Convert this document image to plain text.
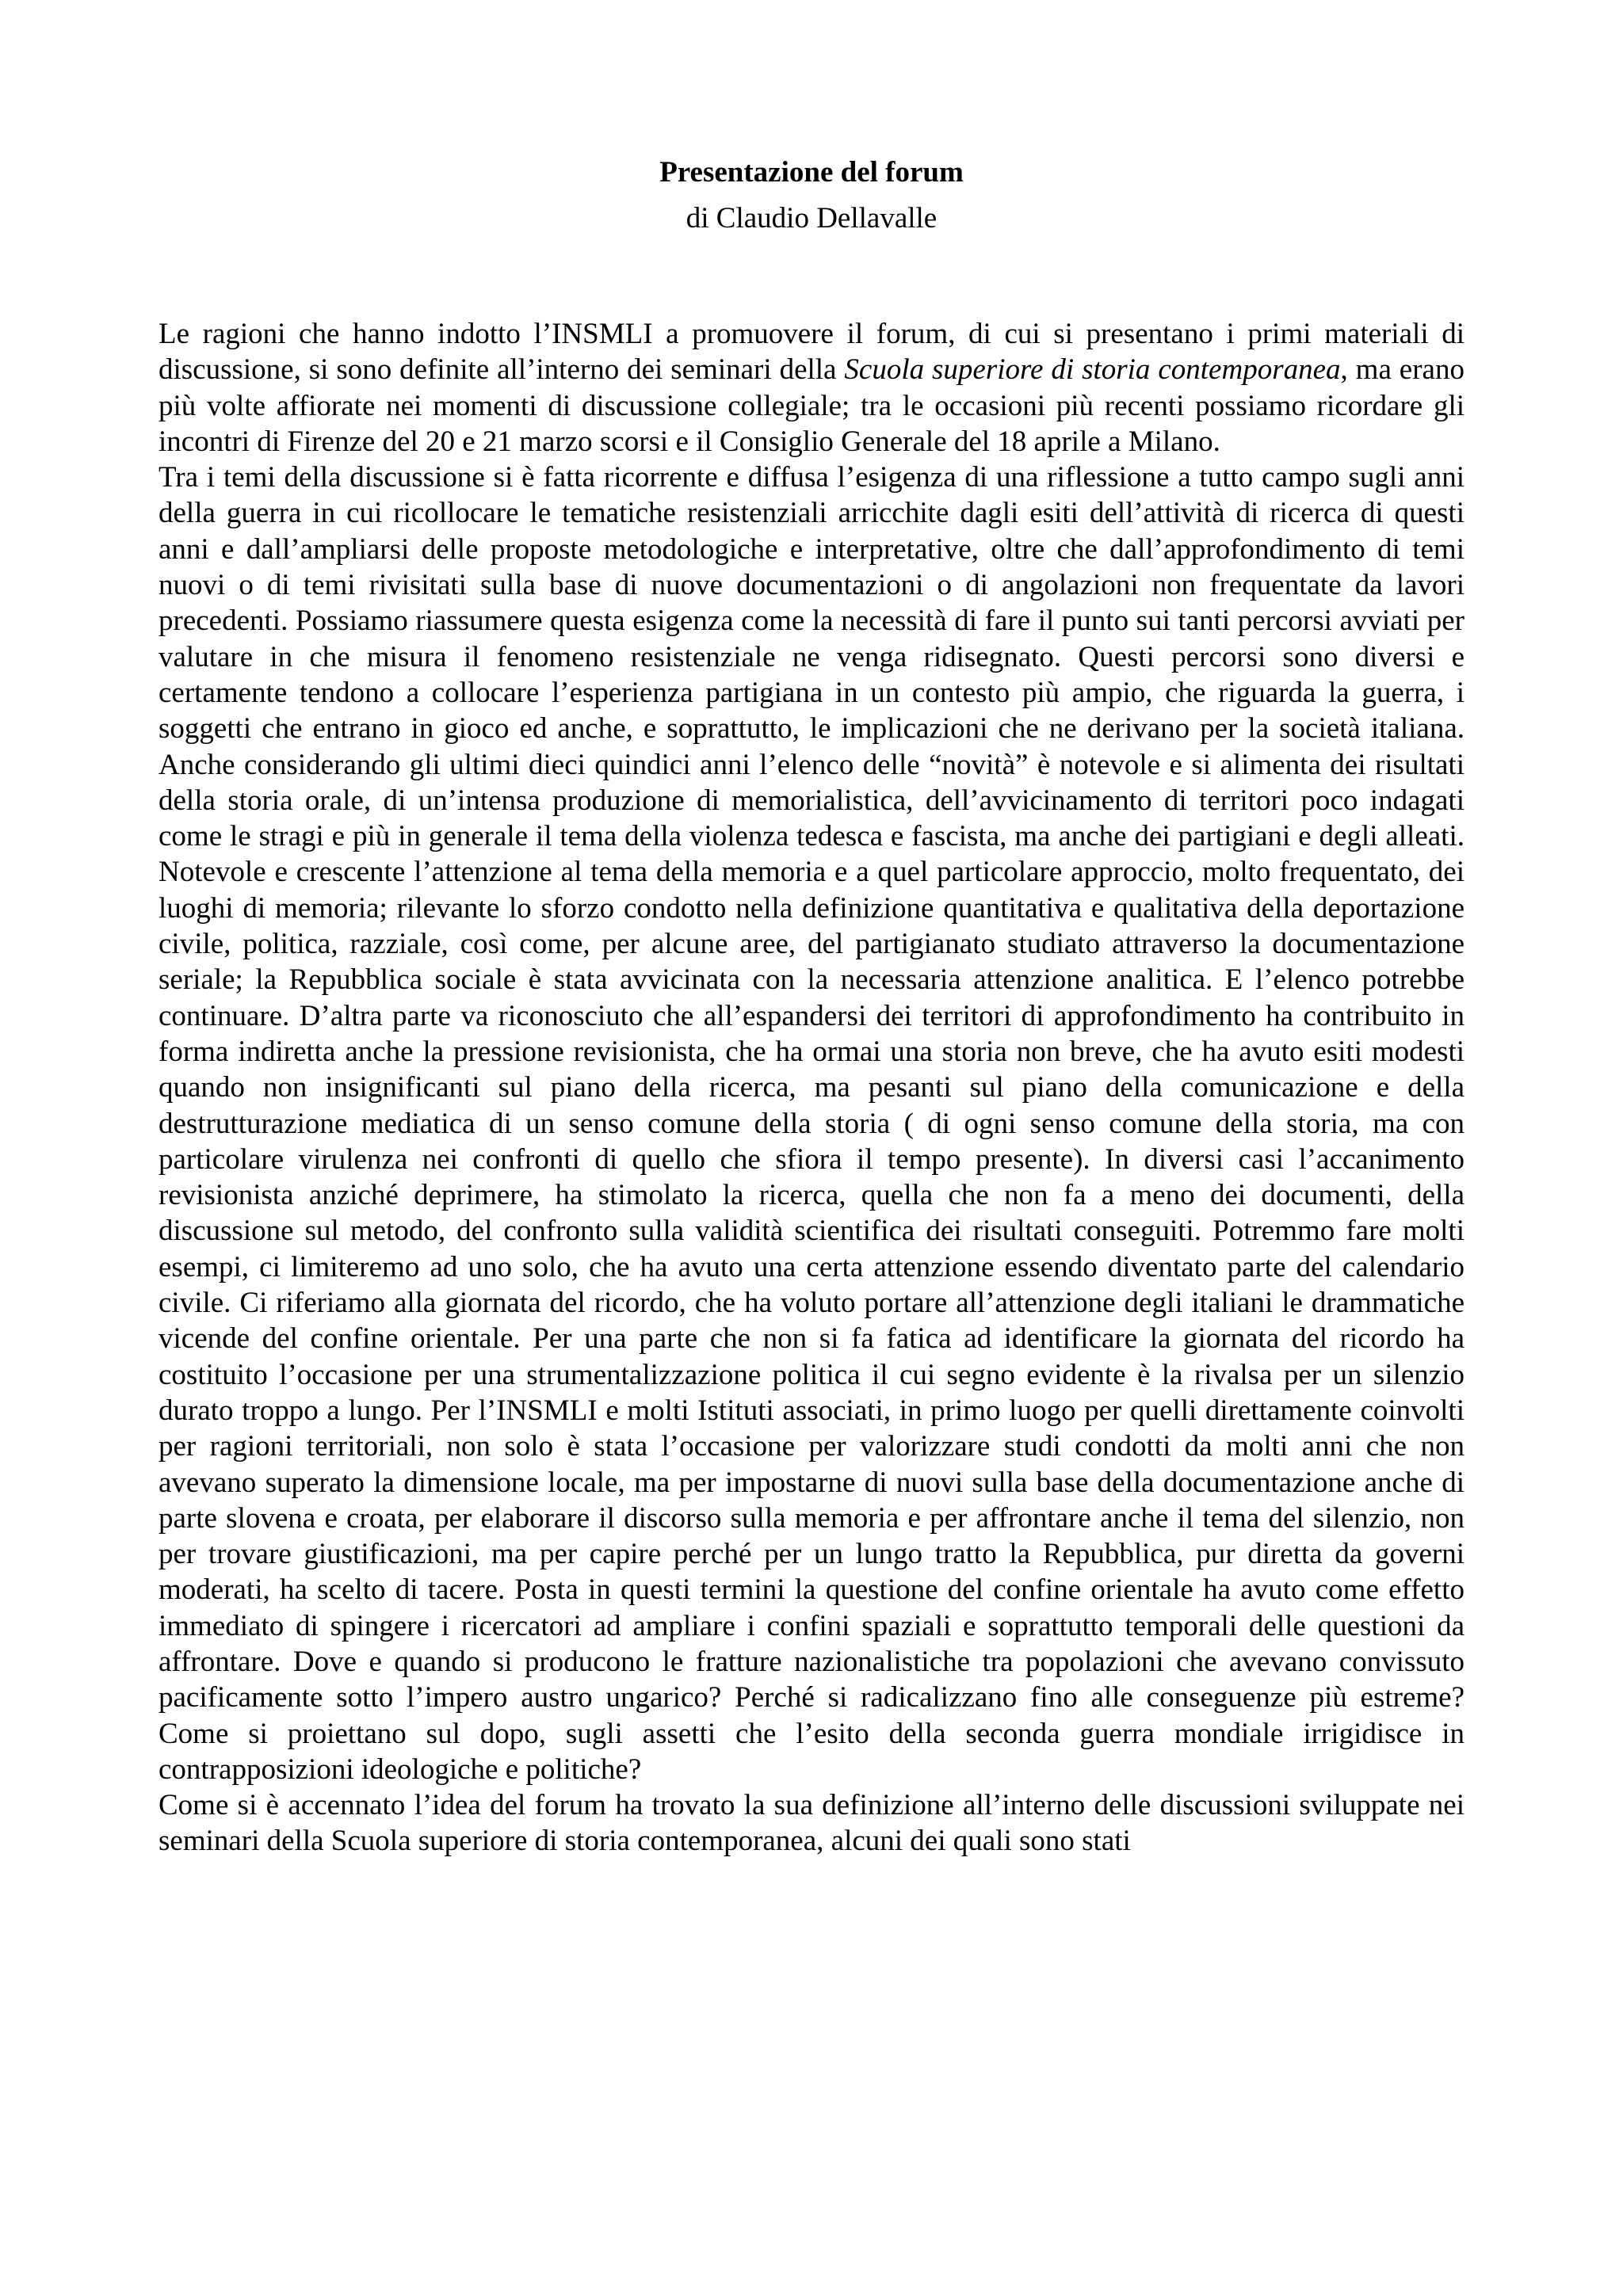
Presentazione del forum

di Claudio Dellavalle

Le ragioni che hanno indotto l’INSMLI a promuovere il forum, di cui si presentano i primi materiali di discussione, si sono definite all’interno dei seminari della Scuola superiore di storia contemporanea, ma erano più volte affiorate nei momenti di discussione collegiale; tra le occasioni più recenti possiamo ricordare gli incontri di Firenze del 20 e 21 marzo scorsi e il Consiglio Generale del 18 aprile a Milano.

Tra i temi della discussione si è fatta ricorrente e diffusa l’esigenza di una riflessione a tutto campo sugli anni della guerra in cui ricollocare le tematiche resistenziali arricchite dagli esiti dell’attività di ricerca di questi anni e dall’ampliarsi delle proposte metodologiche e interpretative, oltre che dall’approfondimento di temi nuovi o di temi rivisitati sulla base di nuove documentazioni o di angolazioni non frequentate da lavori precedenti. Possiamo riassumere questa esigenza come la necessità di fare il punto sui tanti percorsi avviati per valutare in che misura il fenomeno resistenziale ne venga ridisegnato. Questi percorsi sono diversi e certamente tendono a collocare l’esperienza partigiana in un contesto più ampio, che riguarda la guerra, i soggetti che entrano in gioco ed anche, e soprattutto, le implicazioni che ne derivano per la società italiana. Anche considerando gli ultimi dieci quindici anni l’elenco delle “novità” è notevole e si alimenta dei risultati della storia orale, di un’intensa produzione di memorialistica, dell’avvicinamento di territori poco indagati come le stragi e più in generale il tema della violenza tedesca e fascista, ma anche dei partigiani e degli alleati. Notevole e crescente l’attenzione al tema della memoria e a quel particolare approccio, molto frequentato, dei luoghi di memoria; rilevante lo sforzo condotto nella definizione quantitativa e qualitativa della deportazione civile, politica, razziale, così come, per alcune aree, del partigianato studiato attraverso la documentazione seriale; la Repubblica sociale è stata avvicinata con la necessaria attenzione analitica. E l’elenco potrebbe continuare. D’altra parte va riconosciuto che all’espandersi dei territori di approfondimento ha contribuito in forma indiretta anche la pressione revisionista, che ha ormai una storia non breve, che ha avuto esiti modesti quando non insignificanti sul piano della ricerca, ma pesanti sul piano della comunicazione e della destrutturazione mediatica di un senso comune della storia ( di ogni senso comune della storia, ma con particolare virulenza nei confronti di quello che sfiora il tempo presente). In diversi casi l’accanimento revisionista anziché deprimere, ha stimolato la ricerca, quella che non fa a meno dei documenti, della discussione sul metodo, del confronto sulla validità scientifica dei risultati conseguiti. Potremmo fare molti esempi, ci limiteremo ad uno solo, che ha avuto una certa attenzione essendo diventato parte del calendario civile. Ci riferiamo alla giornata del ricordo, che ha voluto portare all’attenzione degli italiani le drammatiche vicende del confine orientale. Per una parte che non si fa fatica ad identificare la giornata del ricordo ha costituito l’occasione per una strumentalizzazione politica il cui segno evidente è la rivalsa per un silenzio durato troppo a lungo. Per l’INSMLI e molti Istituti associati, in primo luogo per quelli direttamente coinvolti per ragioni territoriali, non solo è stata l’occasione per valorizzare studi condotti da molti anni che non avevano superato la dimensione locale, ma per impostarne di nuovi sulla base della documentazione anche di parte slovena e croata, per elaborare il discorso sulla memoria e per affrontare anche il tema del silenzio, non per trovare giustificazioni, ma per capire perché per un lungo tratto la Repubblica, pur diretta da governi moderati, ha scelto di tacere. Posta in questi termini la questione del confine orientale ha avuto come effetto immediato di spingere i ricercatori ad ampliare i confini spaziali e soprattutto temporali delle questioni da affrontare. Dove e quando si producono le fratture nazionalistiche tra popolazioni che avevano convissuto pacificamente sotto l’impero austro ungarico? Perché si radicalizzano fino alle conseguenze più estreme? Come si proiettano sul dopo, sugli assetti che l’esito della seconda guerra mondiale irrigidisce in contrapposizioni ideologiche e politiche?

Come si è accennato l’idea del forum ha trovato la sua definizione all’interno delle discussioni sviluppate nei seminari della Scuola superiore di storia contemporanea, alcuni dei quali sono stati
